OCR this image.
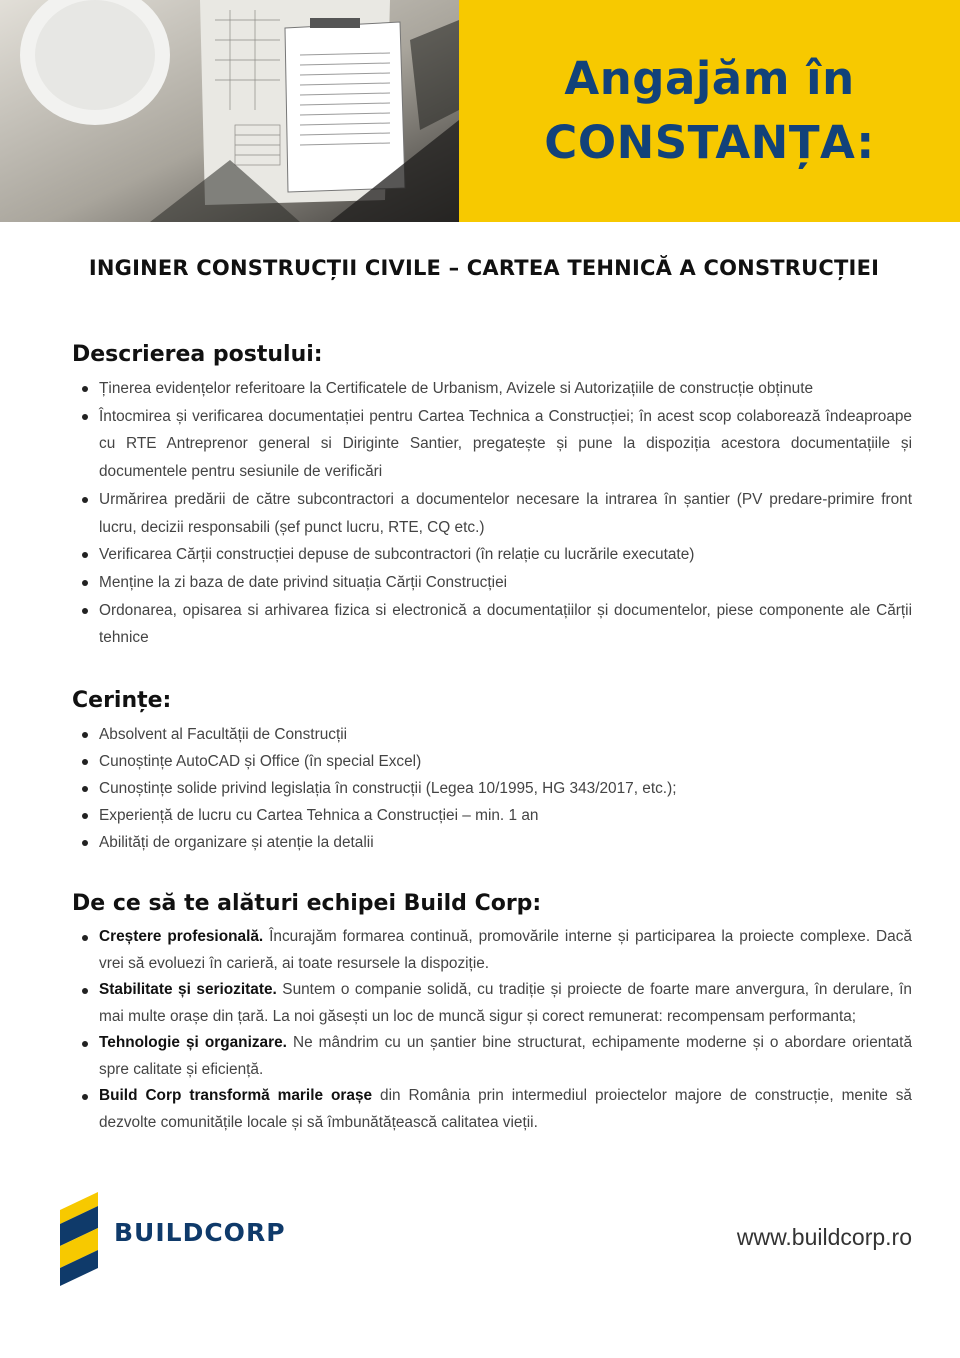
Angajăm în
CONSTANȚA:
INGINER CONSTRUCȚII CIVILE – CARTEA TEHNICĂ A CONSTRUCȚIEI
Descrierea postului:
Ținerea evidențelor referitoare la Certificatele de Urbanism, Avizele si Autorizațiile de construcție obținute
Întocmirea și verificarea documentației pentru Cartea Technica a Construcției; în acest scop colaborează îndeaproape cu RTE Antreprenor general si Diriginte Santier, pregatește și pune la dispoziția acestora documentațiile și documentele pentru sesiunile de verificări
Urmărirea predării de către subcontractori a documentelor necesare la intrarea în șantier (PV predare-primire front lucru, decizii responsabili (șef punct lucru, RTE, CQ etc.)
Verificarea Cărții construcției depuse de subcontractori (în relație cu lucrările executate)
Menține la zi baza de date privind situația Cărții Construcției
Ordonarea, opisarea si arhivarea fizica si electronică a documentațiilor și documentelor, piese componente ale Cărții tehnice
Cerințe:
Absolvent al Facultății de Construcții
Cunoștințe AutoCAD și Office (în special Excel)
Cunoștințe solide privind legislația în construcții (Legea 10/1995, HG 343/2017, etc.);
Experiență de lucru cu Cartea Tehnica a Construcției – min. 1 an
Abilități de organizare și atenție la detalii
De ce să te alături echipei Build Corp:
Creștere profesională. Încurajăm formarea continuă, promovările interne și participarea la proiecte complexe. Dacă vrei să evoluezi în carieră, ai toate resursele la dispoziție.
Stabilitate și seriozitate. Suntem o companie solidă, cu tradiție și proiecte de foarte mare anvergura, în derulare, în mai multe orașe din țară. La noi găsești un loc de muncă sigur și corect remunerat: recompensam performanta;
Tehnologie și organizare. Ne mândrim cu un șantier bine structurat, echipamente moderne și o abordare orientată spre calitate și eficiență.
Build Corp transformă marile orașe din România prin intermediul proiectelor majore de construcție, menite să dezvolte comunitățile locale și să îmbunătățească calitatea vieții.
BUILDCORP	www.buildcorp.ro
